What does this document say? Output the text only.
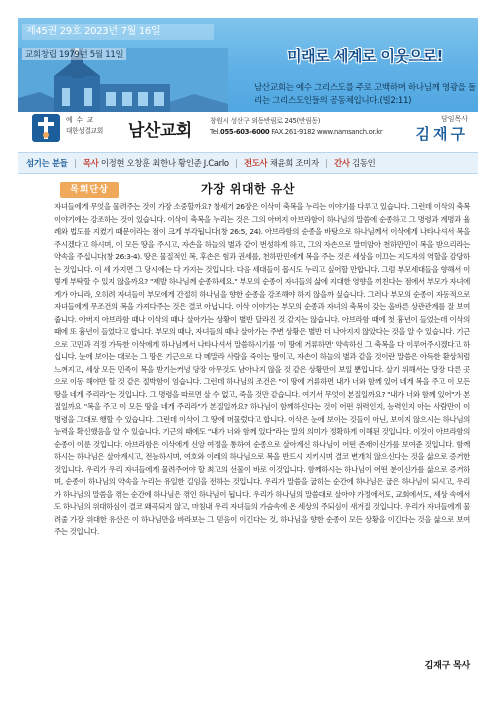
제45권 29호 2023년 7월 16일
교회창립 1979년 5월 11일	미래로 세계로 이웃으로!
남산교회는 예수 그리스도를 주로 고백하며 하나님께 영광을 돌리는 그리스도인들의 공동체입니다.(빌2:11)
예 수 교
대한성결교회 남산교회	창원시 성산구 외동반림로 245(반림동)
Tel.055-603-6000 FAX.261-9182 www.namsanch.or.kr
담임목사
김재구
섬기는 분들 | 목사 이정현 오창훈 최한나 황인준 J.Carlo | 전도사 채윤희 조미자 | 간사 김동인
목회단상	가장 위대한 유산

자녀들에게 무엇을 물려주는 것이 가장 소중할까요? 창세기 26장은 이삭이 축복을 누리는 이야기를 다루고 있습니다. 그런데 이삭의 축복 이야기에는 강조하는 것이 있습니다. 이삭이 축복을 누리는 것은 그의 아버지 아브라함이 하나님의 말씀에 순종하고 그 명령과 계명과 율례와 법도를 지켰기 때문이라는 점이 크게 부각됩니다(창 26:5, 24). 아브라함의 순종을 바탕으로 하나님께서 이삭에게 나타나셔서 복을 주시겠다고 하시며, 이 모든 땅을 주시고, 자손을 하늘의 별과 같이 번성하게 하고, 그의 자손으로 말미암아 천하만민이 복을 받으리라는 약속을 주십니다(창 26:3-4). 땅은 물질적인 복, 후손은 힘과 권세를, 천하만민에게 복을 주는 것은 세상을 이끄는 지도자의 역할을 감당하는 것입니다. 이 세 가지면 그 당시에는 다 가지는 것입니다. 다음 세대들이 몹시도 누리고 싶어할 만합니다. 그럼 부모세대들을 향해서 이렇게 부탁할 수 있지 않을까요? "제발 하나님께 순종하세요." 부모의 순종이 자녀들의 삶에 지대한 영향을 끼친다는 점에서 부모가 자녀에게가 아니라, 오히려 자녀들이 부모에게 간절히 하나님을 향한 순종을 강조해야 하지 않을까 싶습니다. 그러나 부모의 순종이 자동적으로 자녀들에게 무조건의 복을 가져다주는 것은 결코 아닙니다. 이삭 이야기는 부모의 순종과 자녀의 축복이 갖는 올바른 상관관계를 잘 보여줍니다. 아버지 아브라함 때나 이삭의 때나 살아가는 상황이 별반 달라진 것 같지는 않습니다. 아브라함 때에 첫 흉년이 들었는데 이삭의 때에 또 흉년이 들었다고 합니다. 부모의 때나, 자녀들의 때나 살아가는 주변 상황은 별반 더 나아지지 않았다는 것을 알 수 있습니다. 기근으로 고민과 걱정 가득한 이삭에게 하나님께서 나타나셔서 말씀하시기를 '이 땅에 거류하면' 약속하신 그 축복을 다 이루어주시겠다고 하십니다. 눈에 보이는 대로는 그 땅은 기근으로 다 메말라 사람을 죽이는 땅이고, 자손이 하늘의 별과 같을 것이란 말씀은 아득한 환상처럼 느껴지고, 세상 모든 민족이 복을 받기는커녕 당장 아무것도 남아나지 않을 것 같은 상황만이 보일 뿐입니다. 살기 위해서는 당장 다른 곳으로 이동 해야만 할 것 같은 절박함이 엄습니다. 그런데 하나님의 조건은 "이 땅에 거류하면 내가 너와 함께 있어 네게 복을 주고 이 모든 땅을 네게 주리라"는 것입니다. 그 명령을 따르면 살 수 없고, 죽을 것만 같습니다. 여기서 무엇이 본질일까요? "내가 너와 함께 있어"가 본질일까요 "복을 주고 이 모든 땅을 네게 주리라"가 본질일까요? 하나님이 함께하신다는 것이 어떤 위력인지, 능력인지 아는 사람만이 이 명령을 그대로 행할 수 있습니다. 그런데 이삭이 그 땅에 머물렀다고 합니다. 이삭은 눈에 보이는 것들이 아닌, 보이지 않으시는 하나님의 능력을 확신했음을 알 수 있습니다. 기근의 때에도 "내가 너와 함께 있다"라는 말의 의미가 정확하게 이해된 것입니다. 이것이 아브라함의 순종이 이룬 것입니다. 아브라함은 이삭에게 신앙 여정을 통하여 순종으로 살아계신 하나님이 어떤 존재이신가를 보여준 것입니다. 함께하시는 하나님은 살아계시고, 전능하시며, 여호와 이레의 하나님으로 복을 반드시 지키시며 결코 변개치 않으신다는 것을 삶으로 증거한 것입니다. 우리가 우리 자녀들에게 물려주어야 할 최고의 선물이 바로 이것입니다. 함께하시는 하나님이 어떤 분이신가를 삶으로 증거하며, 순종이 하나님의 약속을 누리는 유일한 길임을 전하는 것입니다. 우리가 말씀을 굽히는 순간에 하나님은 굽은 하나님이 되시고, 우리가 하나님의 말씀을 꺾는 순간에 하나님은 꺾인 하나님이 됩니다. 우리가 하나님의 말씀대로 살아야 가정에서도, 교회에서도, 세상 속에서도 하나님의 위대하심이 결코 왜곡되지 않고, 마침내 우리 자녀들의 가슴속에 온 세상의 주되심이 새겨질 것입니다. 우리가 자녀들에게 물려줄 가장 위대한 유산은 이 하나님만을 바라보는 그 믿음이 이긴다는 것, 하나님을 향한 순종이 모든 상황을 이긴다는 것을 삶으로 보여주는 것입니다.

김재구 목사
